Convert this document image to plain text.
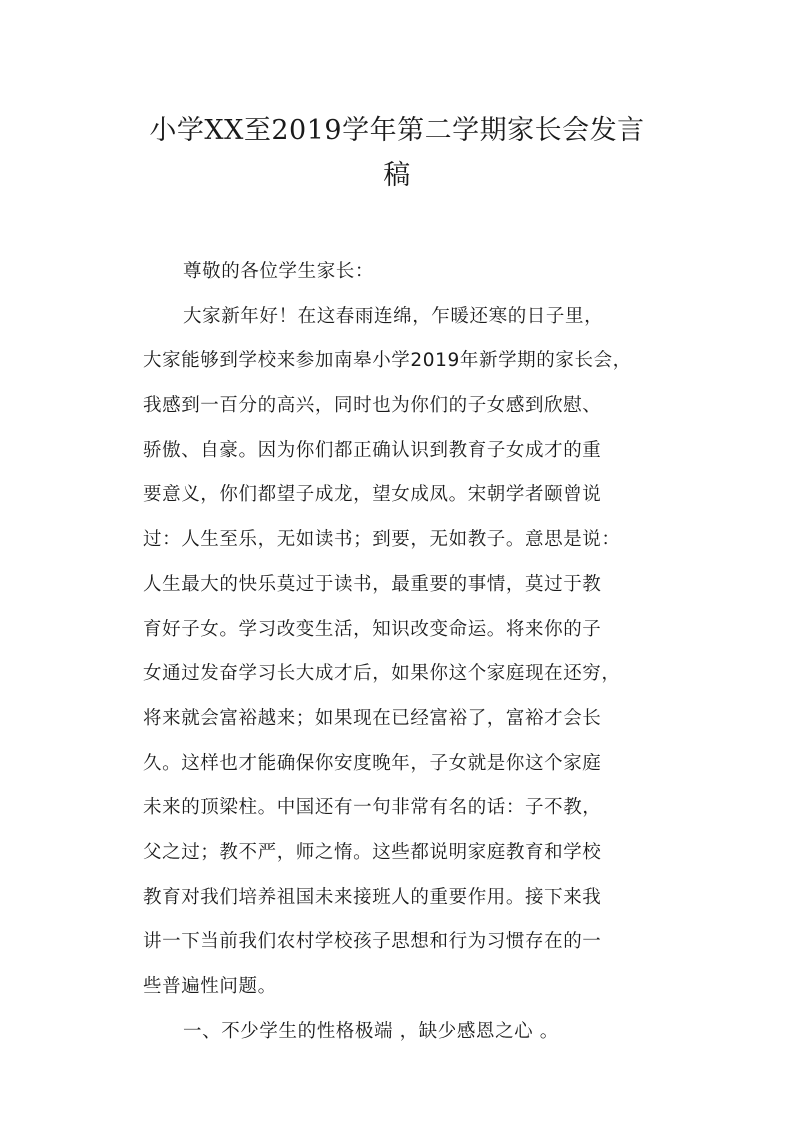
小学XX至2019学年第二学期家长会发言
稿
尊敬的各位学生家长：
大家新年好！在这春雨连绵，乍暖还寒的日子里，
大家能够到学校来参加南皋小学2019年新学期的家长会，
我感到一百分的高兴，同时也为你们的子女感到欣慰、
骄傲、自豪。因为你们都正确认识到教育子女成才的重
要意义，你们都望子成龙，望女成凤。宋朝学者颐曾说
过：人生至乐，无如读书；到要，无如教子。意思是说：
人生最大的快乐莫过于读书，最重要的事情，莫过于教
育好子女。学习改变生活，知识改变命运。将来你的子
女通过发奋学习长大成才后，如果你这个家庭现在还穷，
将来就会富裕越来；如果现在已经富裕了，富裕才会长
久。这样也才能确保你安度晚年，子女就是你这个家庭
未来的顶梁柱。中国还有一句非常有名的话：子不教，
父之过；教不严，师之惰。这些都说明家庭教育和学校
教育对我们培养祖国未来接班人的重要作用。接下来我
讲一下当前我们农村学校孩子思想和行为习惯存在的一
些普遍性问题。
一、不少学生的性格极端 ，缺少感恩之心 。
